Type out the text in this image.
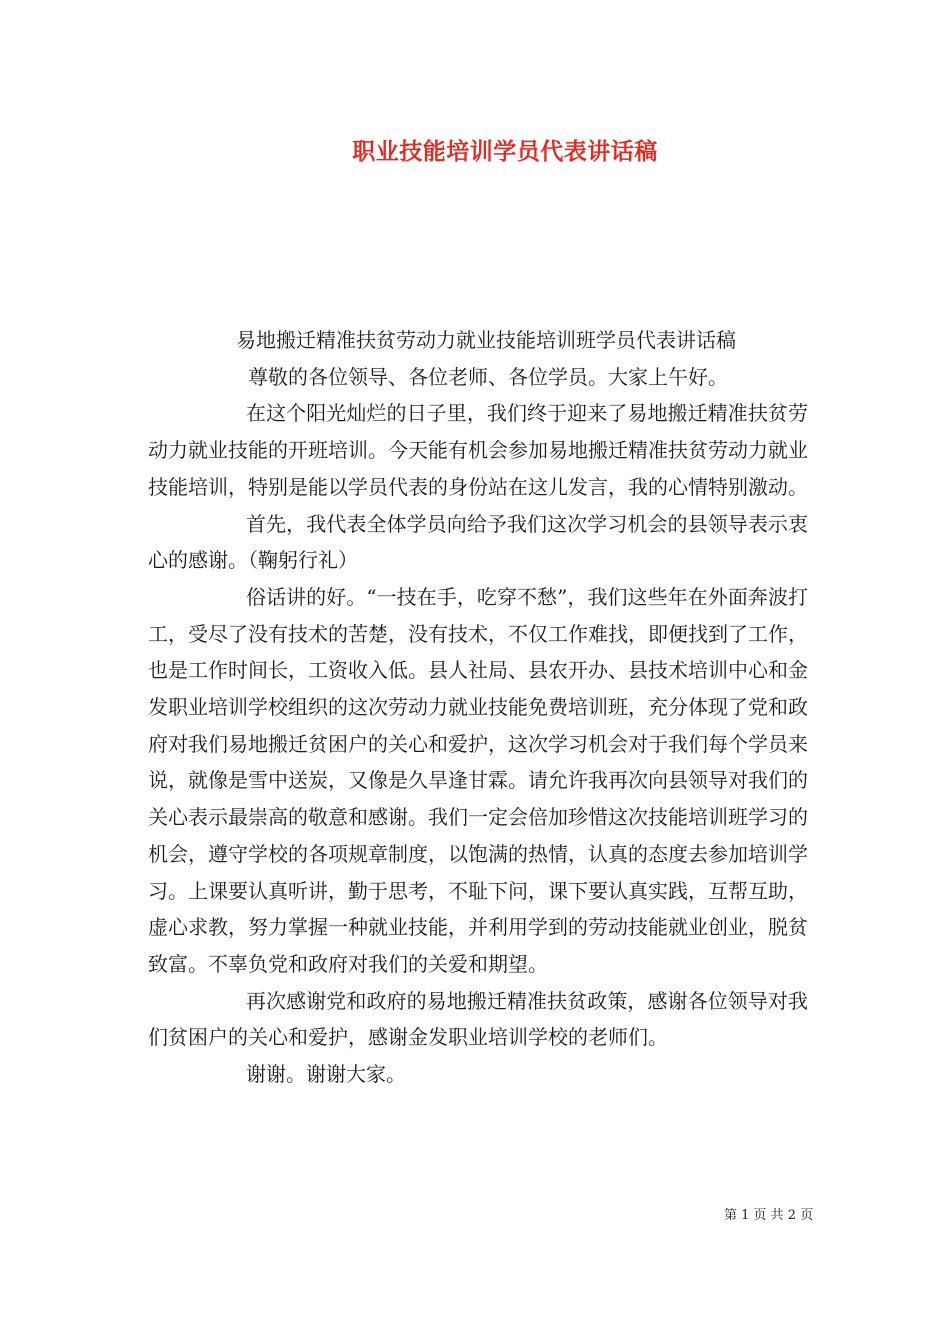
职业技能培训学员代表讲话稿

易地搬迁精准扶贫劳动力就业技能培训班学员代表讲话稿

尊敬的各位领导、各位老师、各位学员。大家上午好。

在这个阳光灿烂的日子里，我们终于迎来了易地搬迁精准扶贫劳动力就业技能的开班培训。今天能有机会参加易地搬迁精准扶贫劳动力就业技能培训，特别是能以学员代表的身份站在这儿发言，我的心情特别激动。

首先，我代表全体学员向给予我们这次学习机会的县领导表示衷心的感谢。（鞠躬行礼）

俗话讲的好。“一技在手，吃穿不愁”，我们这些年在外面奔波打工，受尽了没有技术的苦楚，没有技术，不仅工作难找，即便找到了工作，也是工作时间长，工资收入低。县人社局、县农开办、县技术培训中心和金发职业培训学校组织的这次劳动力就业技能免费培训班，充分体现了党和政府对我们易地搬迁贫困户的关心和爱护，这次学习机会对于我们每个学员来说，就像是雪中送炭，又像是久旱逢甘霖。请允许我再次向县领导对我们的关心表示最崇高的敬意和感谢。我们一定会倍加珍惜这次技能培训班学习的机会，遵守学校的各项规章制度，以饱满的热情，认真的态度去参加培训学习。上课要认真听讲，勤于思考，不耻下问，课下要认真实践，互帮互助，虚心求教，努力掌握一种就业技能，并利用学到的劳动技能就业创业，脱贫致富。不辜负党和政府对我们的关爱和期望。

再次感谢党和政府的易地搬迁精准扶贫政策，感谢各位领导对我们贫困户的关心和爱护，感谢金发职业培训学校的老师们。

谢谢。谢谢大家。

第 1 页 共 2 页
